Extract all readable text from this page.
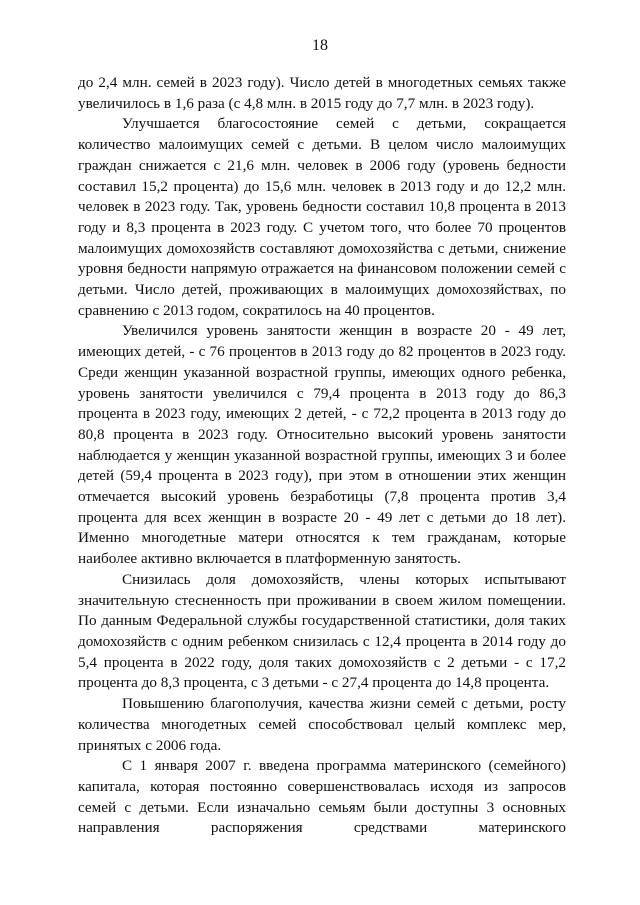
18

до 2,4 млн. семей в 2023 году). Число детей в многодетных семьях также увеличилось в 1,6 раза (с 4,8 млн. в 2015 году до 7,7 млн. в 2023 году).

Улучшается благосостояние семей с детьми, сокращается количество малоимущих семей с детьми. В целом число малоимущих граждан снижается с 21,6 млн. человек в 2006 году (уровень бедности составил 15,2 процента) до 15,6 млн. человек в 2013 году и до 12,2 млн. человек в 2023 году. Так, уровень бедности составил 10,8 процента в 2013 году и 8,3 процента в 2023 году. С учетом того, что более 70 процентов малоимущих домохозяйств составляют домохозяйства с детьми, снижение уровня бедности напрямую отражается на финансовом положении семей с детьми. Число детей, проживающих в малоимущих домохозяйствах, по сравнению с 2013 годом, сократилось на 40 процентов.

Увеличился уровень занятости женщин в возрасте 20 - 49 лет, имеющих детей, - с 76 процентов в 2013 году до 82 процентов в 2023 году. Среди женщин указанной возрастной группы, имеющих одного ребенка, уровень занятости увеличился с 79,4 процента в 2013 году до 86,3 процента в 2023 году, имеющих 2 детей, - с 72,2 процента в 2013 году до 80,8 процента в 2023 году. Относительно высокий уровень занятости наблюдается у женщин указанной возрастной группы, имеющих 3 и более детей (59,4 процента в 2023 году), при этом в отношении этих женщин отмечается высокий уровень безработицы (7,8 процента против 3,4 процента для всех женщин в возрасте 20 - 49 лет с детьми до 18 лет). Именно многодетные матери относятся к тем гражданам, которые наиболее активно включается в платформенную занятость.

Снизилась доля домохозяйств, члены которых испытывают значительную стесненность при проживании в своем жилом помещении. По данным Федеральной службы государственной статистики, доля таких домохозяйств с одним ребенком снизилась с 12,4 процента в 2014 году до 5,4 процента в 2022 году, доля таких домохозяйств с 2 детьми - с 17,2 процента до 8,3 процента, с 3 детьми - с 27,4 процента до 14,8 процента.

Повышению благополучия, качества жизни семей с детьми, росту количества многодетных семей способствовал целый комплекс мер, принятых с 2006 года.

С 1 января 2007 г. введена программа материнского (семейного) капитала, которая постоянно совершенствовалась исходя из запросов семей с детьми. Если изначально семьям были доступны 3 основных направления распоряжения средствами материнского
